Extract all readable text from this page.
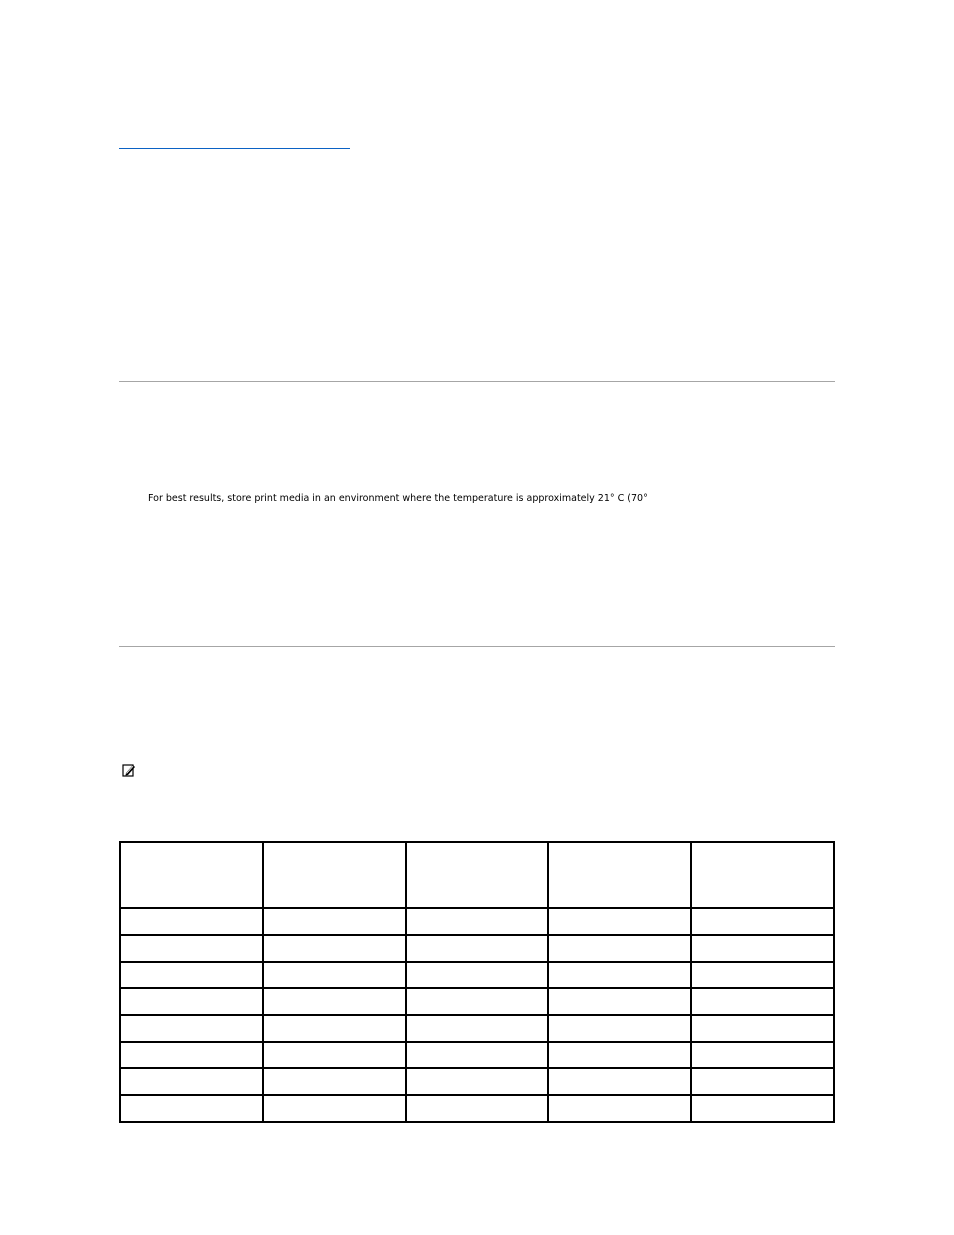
For best results, store print media in an environment where the temperature is approximately 21° C (70°
